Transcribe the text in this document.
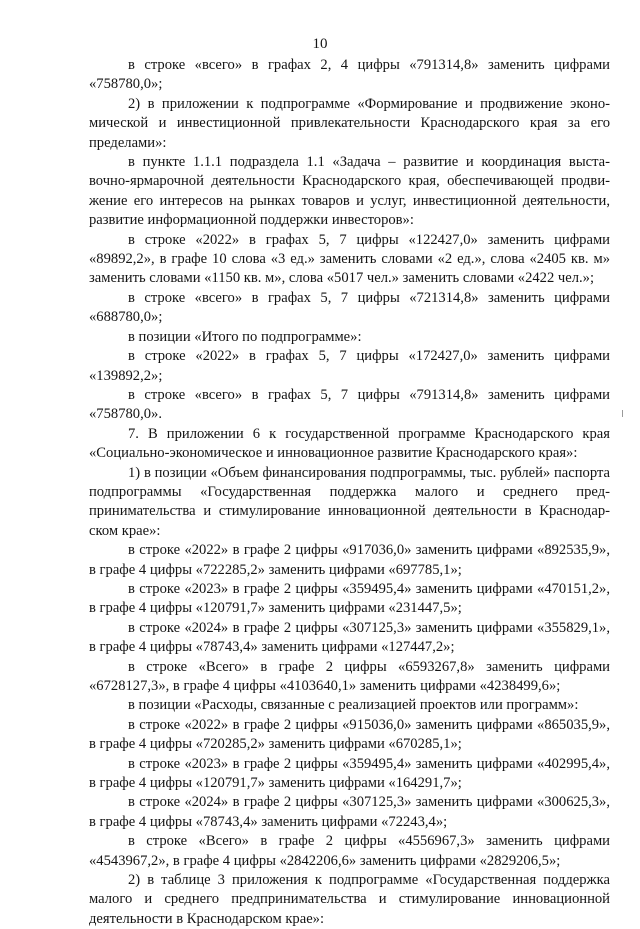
10

в строке «всего» в графах 2, 4 цифры «791314,8» заменить цифрами «758780,0»;

2) в приложении к подпрограмме «Формирование и продвижение эконо- мической и инвестиционной привлекательности Краснодарского края за его пределами»:

в пункте 1.1.1 подраздела 1.1 «Задача – развитие и координация выста- вочно-ярмарочной деятельности Краснодарского края, обеспечивающей продви-жение его интересов на рынках товаров и услуг, инвестиционной деятельности, развитие информационной поддержки инвесторов»:

в строке «2022» в графах 5, 7 цифры «122427,0» заменить цифрами «89892,2», в графе 10 слова «3 ед.» заменить словами «2 ед.», слова «2405 кв. м» заменить словами «1150 кв. м», слова «5017 чел.» заменить словами «2422 чел.»;

в строке «всего» в графах 5, 7 цифры «721314,8» заменить цифрами «688780,0»;

в позиции «Итого по подпрограмме»:

в строке «2022» в графах 5, 7 цифры «172427,0» заменить цифрами «139892,2»;

в строке «всего» в графах 5, 7 цифры «791314,8» заменить цифрами «758780,0».

7. В приложении 6 к государственной программе Краснодарского края «Социально-экономическое и инновационное развитие Краснодарского края»:

1) в позиции «Объем финансирования подпрограммы, тыс. рублей» паспорта подпрограммы «Государственная поддержка малого и среднего пред-принимательства и стимулирование инновационной деятельности в Краснодар-ском крае»:

в строке «2022» в графе 2 цифры «917036,0» заменить цифрами «892535,9», в графе 4 цифры «722285,2» заменить цифрами «697785,1»;

в строке «2023» в графе 2 цифры «359495,4» заменить цифрами «470151,2», в графе 4 цифры «120791,7» заменить цифрами «231447,5»;

в строке «2024» в графе 2 цифры «307125,3» заменить цифрами «355829,1», в графе 4 цифры «78743,4» заменить цифрами «127447,2»;

в строке «Всего» в графе 2 цифры «6593267,8» заменить цифрами «6728127,3», в графе 4 цифры «4103640,1» заменить цифрами «4238499,6»;

в позиции «Расходы, связанные с реализацией проектов или программ»:

в строке «2022» в графе 2 цифры «915036,0» заменить цифрами «865035,9», в графе 4 цифры «720285,2» заменить цифрами «670285,1»;

в строке «2023» в графе 2 цифры «359495,4» заменить цифрами «402995,4», в графе 4 цифры «120791,7» заменить цифрами «164291,7»;

в строке «2024» в графе 2 цифры «307125,3» заменить цифрами «300625,3», в графе 4 цифры «78743,4» заменить цифрами «72243,4»;

в строке «Всего» в графе 2 цифры «4556967,3» заменить цифрами «4543967,2», в графе 4 цифры «2842206,6» заменить цифрами «2829206,5»;

2) в таблице 3 приложения к подпрограмме «Государственная поддержка малого и среднего предпринимательства и стимулирование инновационной деятельности в Краснодарском крае»:
